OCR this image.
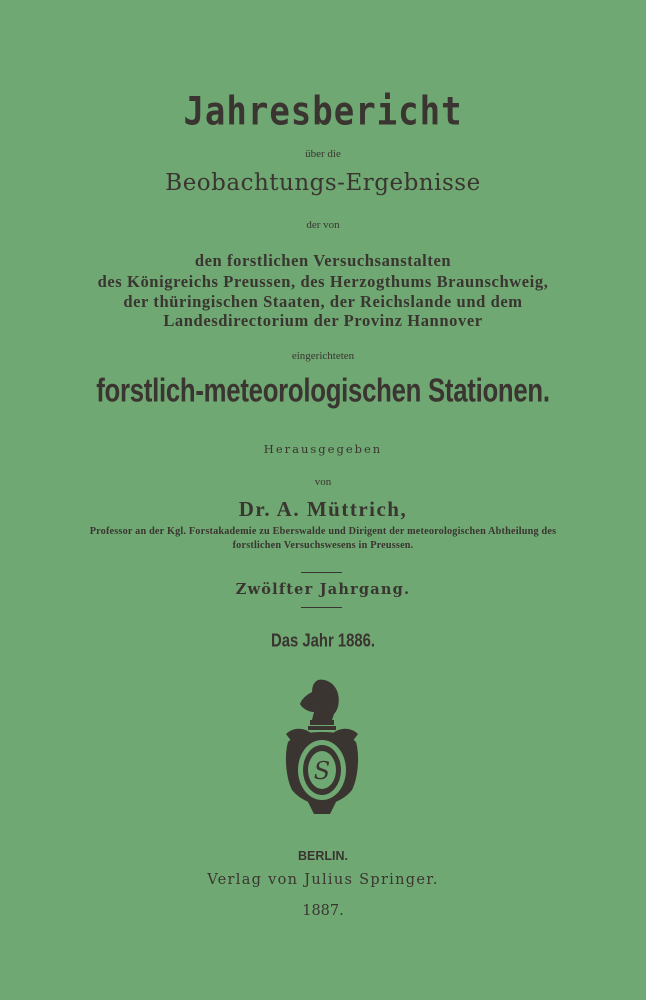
Jahresbericht
über die
Beobachtungs-Ergebnisse
der von
den forstlichen Versuchsanstalten
des Königreichs Preussen, des Herzogthums Braunschweig,
der thüringischen Staaten, der Reichslande und dem
Landesdirectorium der Provinz Hannover
eingerichteten
forstlich-meteorologischen Stationen.
Herausgegeben
von
Dr. A. Müttrich,
Professor an der Kgl. Forstakademie zu Eberswalde und Dirigent der meteorologischen Abtheilung des
forstlichen Versuchswesens in Preussen.
Zwölfter Jahrgang.
Das Jahr 1886.
S
BERLIN.
Verlag von Julius Springer.
1887.
